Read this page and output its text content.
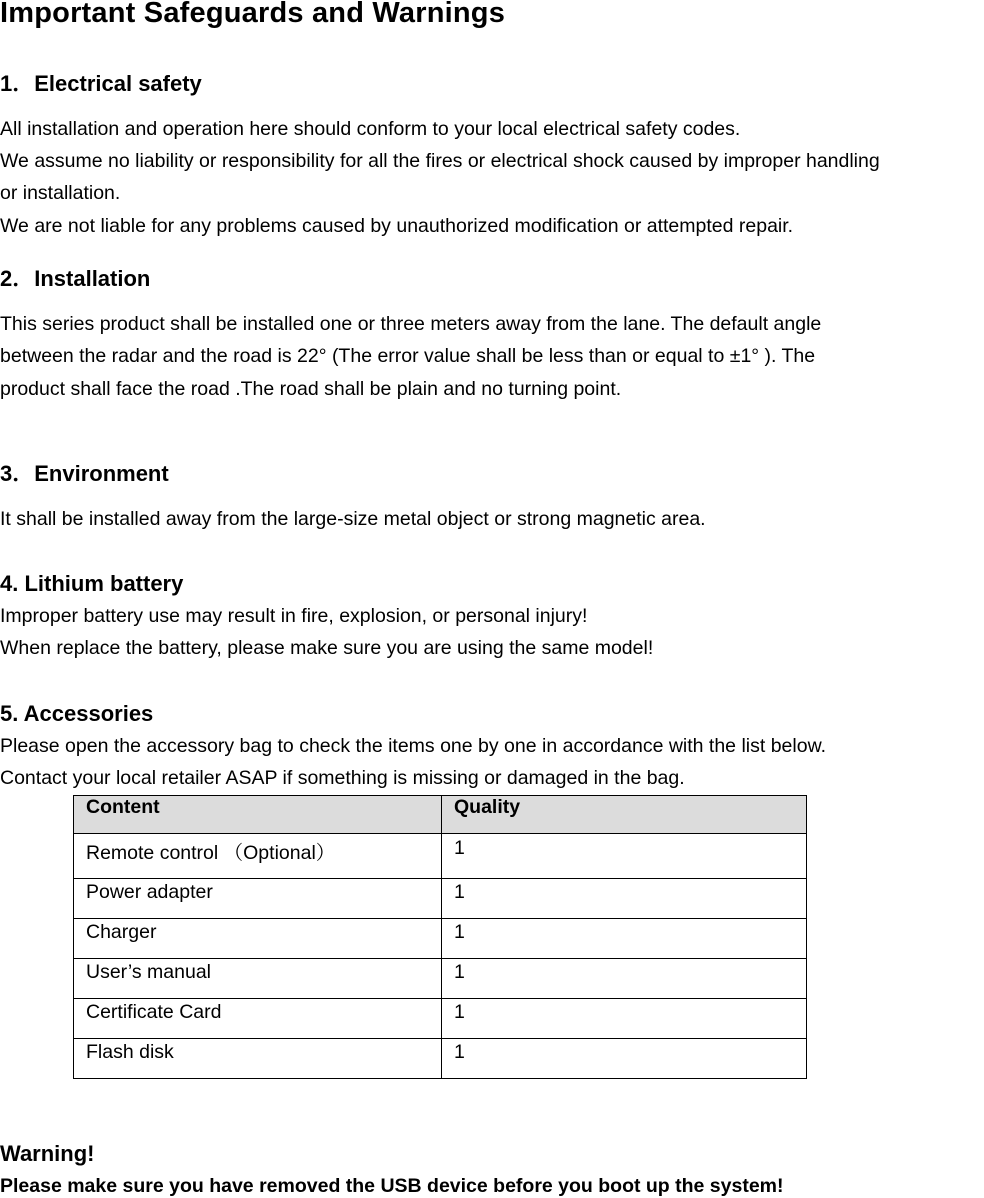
Important Safeguards and Warnings
1．Electrical safety
All installation and operation here should conform to your local electrical safety codes.
We assume no liability or responsibility for all the fires or electrical shock caused by improper handling
or installation.
We are not liable for any problems caused by unauthorized modification or attempted repair.
2．Installation
This series product shall be installed one or three meters away from the lane. The default angle
between the radar and the road is 22° (The error value shall be less than or equal to ±1° ). The
product shall face the road .The road shall be plain and no turning point.
3．Environment
It shall be installed away from the large-size metal object or strong magnetic area.
4. Lithium battery
Improper battery use may result in fire, explosion, or personal injury!
When replace the battery, please make sure you are using the same model!
5. Accessories
Please open the accessory bag to check the items one by one in accordance with the list below.
Contact your local retailer ASAP if something is missing or damaged in the bag.
Content	Quality
Remote control （Optional）	1
Power adapter	1
Charger	1
User’s manual	1
Certificate Card	1
Flash disk	1
Warning!
Please make sure you have removed the USB device before you boot up the system!
